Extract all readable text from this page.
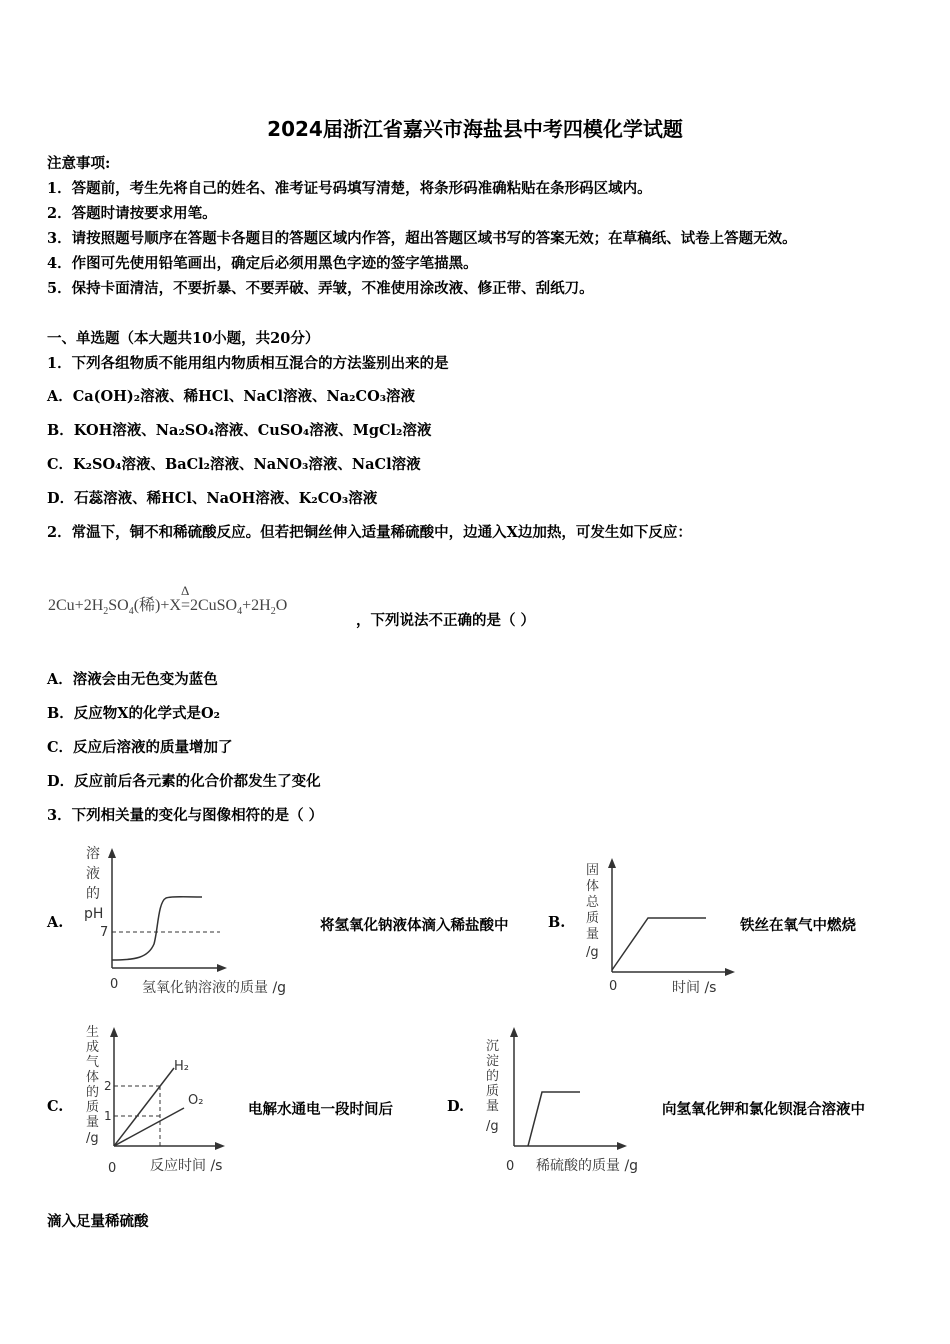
2024届浙江省嘉兴市海盐县中考四模化学试题
注意事项:
1．答题前，考生先将自己的姓名、准考证号码填写清楚，将条形码准确粘贴在条形码区域内。
2．答题时请按要求用笔。
3．请按照题号顺序在答题卡各题目的答题区域内作答，超出答题区域书写的答案无效；在草稿纸、试卷上答题无效。
4．作图可先使用铅笔画出，确定后必须用黑色字迹的签字笔描黑。
5．保持卡面清洁，不要折暴、不要弄破、弄皱，不准使用涂改液、修正带、刮纸刀。
一、单选题（本大题共10小题，共20分）
1．下列各组物质不能用组内物质相互混合的方法鉴别出来的是
A．Ca(OH)₂溶液、稀HCl、NaCl溶液、Na₂CO₃溶液
B．KOH溶液、Na₂SO₄溶液、CuSO₄溶液、MgCl₂溶液
C．K₂SO₄溶液、BaCl₂溶液、NaNO₃溶液、NaCl溶液
D．石蕊溶液、稀HCl、NaOH溶液、K₂CO₃溶液
2．常温下，铜不和稀硫酸反应。但若把铜丝伸入适量稀硫酸中，边通入X边加热，可发生如下反应：
$2Cu+2H_2SO_4$(稀)+X
Δ
$=2CuSO_4+2H_2O$
，下列说法不正确的是（ ）
A．溶液会由无色变为蓝色
B．反应物X的化学式是O₂
C．反应后溶液的质量增加了
D．反应前后各元素的化合价都发生了变化
3．下列相关量的变化与图像相符的是（ ）
A.
溶
液
的
pH
7
0 氢氧化钠溶液的质量 /g
将氢氧化钠液体滴入稀盐酸中	B.
固
体
总
质
量
/g
0	时间 /s
铁丝在氧气中燃烧
C.
生
成
气
体
的
质
量
/g
2
1
H₂
O₂
0 反应时间 /s
电解水通电一段时间后	D.
沉
淀
的
质
量
/g
0 稀硫酸的质量 /g
向氢氧化钾和氯化钡混合溶液中
滴入足量稀硫酸
